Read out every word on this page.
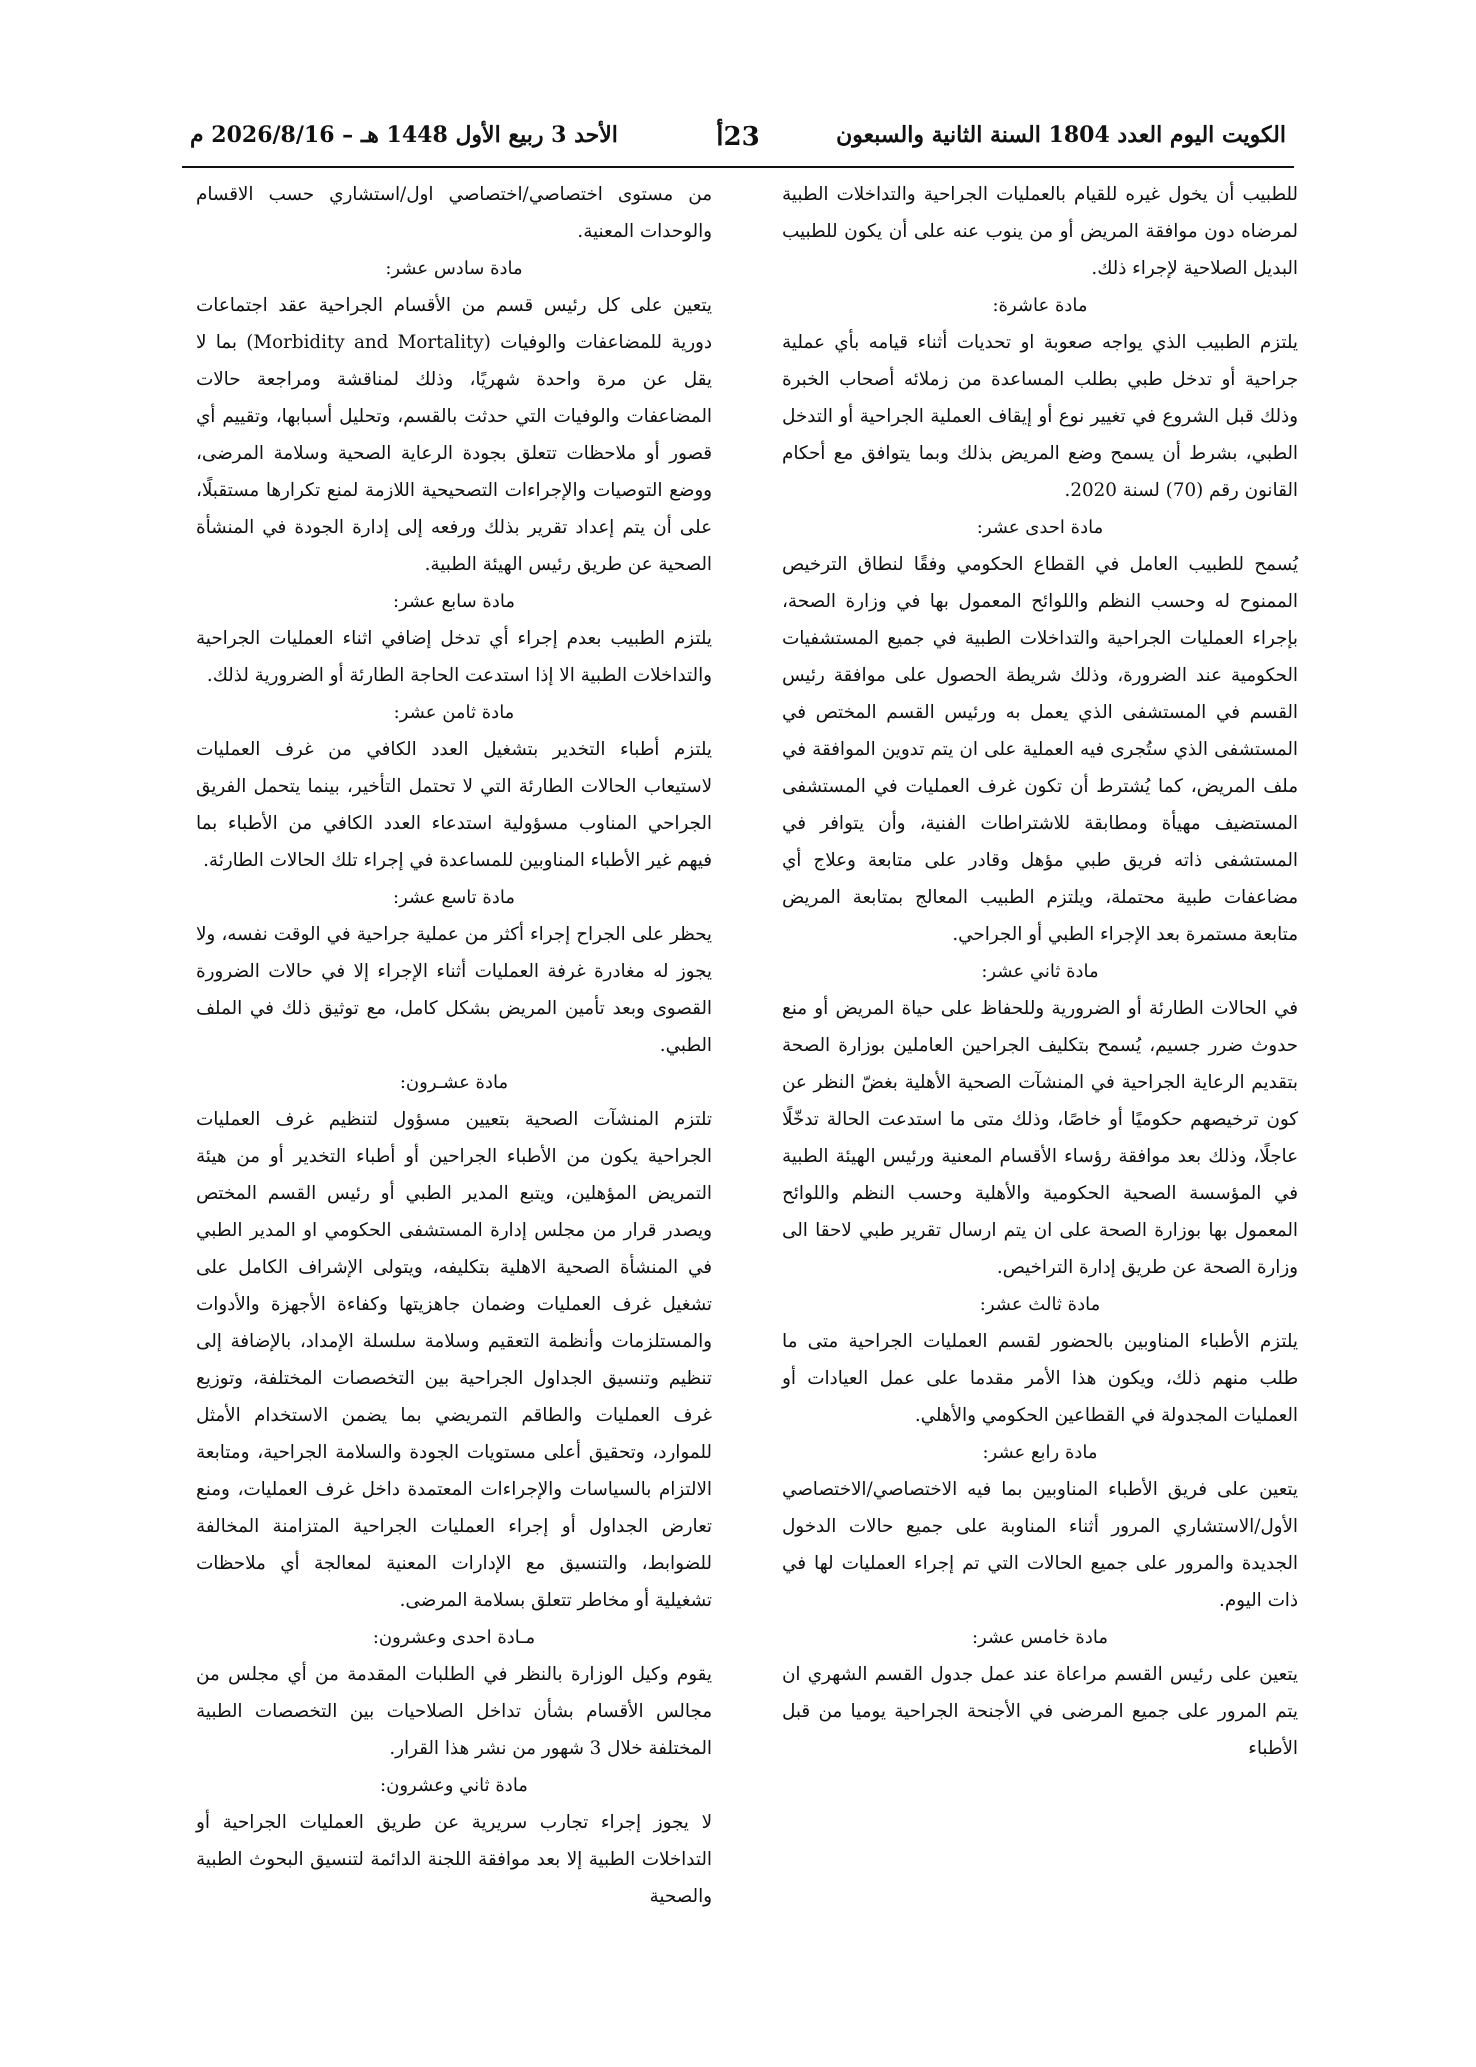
الكويت اليوم العدد 1804 السنة الثانية والسبعون
23أ
الأحد 3 ربيع الأول 1448 هـ – 2026/8/16 م

للطبيب أن يخول غيره للقيام بالعمليات الجراحية والتداخلات الطبية لمرضاه دون موافقة المريض أو من ينوب عنه على أن يكون للطبيب البديل الصلاحية لإجراء ذلك.

مادة عاشرة:

يلتزم الطبيب الذي يواجه صعوبة او تحديات أثناء قيامه بأي عملية جراحية أو تدخل طبي بطلب المساعدة من زملائه أصحاب الخبرة وذلك قبل الشروع في تغيير نوع أو إيقاف العملية الجراحية أو التدخل الطبي، بشرط أن يسمح وضع المريض بذلك وبما يتوافق مع أحكام القانون رقم (70) لسنة 2020.

مادة احدى عشر:

يُسمح للطبيب العامل في القطاع الحكومي وفقًا لنطاق الترخيص الممنوح له وحسب النظم واللوائح المعمول بها في وزارة الصحة، بإجراء العمليات الجراحية والتداخلات الطبية في جميع المستشفيات الحكومية عند الضرورة، وذلك شريطة الحصول على موافقة رئيس القسم في المستشفى الذي يعمل به ورئيس القسم المختص في المستشفى الذي ستُجرى فيه العملية على ان يتم تدوين الموافقة في ملف المريض، كما يُشترط أن تكون غرف العمليات في المستشفى المستضيف مهيأة ومطابقة للاشتراطات الفنية، وأن يتوافر في المستشفى ذاته فريق طبي مؤهل وقادر على متابعة وعلاج أي مضاعفات طبية محتملة، ويلتزم الطبيب المعالج بمتابعة المريض متابعة مستمرة بعد الإجراء الطبي أو الجراحي.

مادة ثاني عشر:

في الحالات الطارئة أو الضرورية وللحفاظ على حياة المريض أو منع حدوث ضرر جسيم، يُسمح بتكليف الجراحين العاملين بوزارة الصحة بتقديم الرعاية الجراحية في المنشآت الصحية الأهلية بغضّ النظر عن كون ترخيصهم حكوميًا أو خاصًا، وذلك متى ما استدعت الحالة تدخّلًا عاجلًا، وذلك بعد موافقة رؤساء الأقسام المعنية ورئيس الهيئة الطبية في المؤسسة الصحية الحكومية والأهلية وحسب النظم واللوائح المعمول بها بوزارة الصحة على ان يتم ارسال تقرير طبي لاحقا الى وزارة الصحة عن طريق إدارة التراخيص.

مادة ثالث عشر:

يلتزم الأطباء المناوبين بالحضور لقسم العمليات الجراحية متى ما طلب منهم ذلك، ويكون هذا الأمر مقدما على عمل العيادات أو العمليات المجدولة في القطاعين الحكومي والأهلي.

مادة رابع عشر:

يتعين على فريق الأطباء المناوبين بما فيه الاختصاصي/الاختصاصي الأول/الاستشاري المرور أثناء المناوبة على جميع حالات الدخول الجديدة والمرور على جميع الحالات التي تم إجراء العمليات لها في ذات اليوم.

مادة خامس عشر:

يتعين على رئيس القسم مراعاة عند عمل جدول القسم الشهري ان يتم المرور على جميع المرضى في الأجنحة الجراحية يوميا من قبل الأطباء

من مستوى اختصاصي/اختصاصي اول/استشاري حسب الاقسام والوحدات المعنية.

مادة سادس عشر:

يتعين على كل رئيس قسم من الأقسام الجراحية عقد اجتماعات دورية للمضاعفات والوفيات (Morbidity and Mortality) بما لا يقل عن مرة واحدة شهريًا، وذلك لمناقشة ومراجعة حالات المضاعفات والوفيات التي حدثت بالقسم، وتحليل أسبابها، وتقييم أي قصور أو ملاحظات تتعلق بجودة الرعاية الصحية وسلامة المرضى، ووضع التوصيات والإجراءات التصحيحية اللازمة لمنع تكرارها مستقبلًا، على أن يتم إعداد تقرير بذلك ورفعه إلى إدارة الجودة في المنشأة الصحية عن طريق رئيس الهيئة الطبية.

مادة سابع عشر:

يلتزم الطبيب بعدم إجراء أي تدخل إضافي اثناء العمليات الجراحية والتداخلات الطبية الا إذا استدعت الحاجة الطارئة أو الضرورية لذلك.

مادة ثامن عشر:

يلتزم أطباء التخدير بتشغيل العدد الكافي من غرف العمليات لاستيعاب الحالات الطارئة التي لا تحتمل التأخير، بينما يتحمل الفريق الجراحي المناوب مسؤولية استدعاء العدد الكافي من الأطباء بما فيهم غير الأطباء المناوبين للمساعدة في إجراء تلك الحالات الطارئة.

مادة تاسع عشر:

يحظر على الجراح إجراء أكثر من عملية جراحية في الوقت نفسه، ولا يجوز له مغادرة غرفة العمليات أثناء الإجراء إلا في حالات الضرورة القصوى وبعد تأمين المريض بشكل كامل، مع توثيق ذلك في الملف الطبي.

مادة عشـرون:

تلتزم المنشآت الصحية بتعيين مسؤول لتنظيم غرف العمليات الجراحية يكون من الأطباء الجراحين أو أطباء التخدير أو من هيئة التمريض المؤهلين، ويتبع المدير الطبي أو رئيس القسم المختص ويصدر قرار من مجلس إدارة المستشفى الحكومي او المدير الطبي في المنشأة الصحية الاهلية بتكليفه، ويتولى الإشراف الكامل على تشغيل غرف العمليات وضمان جاهزيتها وكفاءة الأجهزة والأدوات والمستلزمات وأنظمة التعقيم وسلامة سلسلة الإمداد، بالإضافة إلى تنظيم وتنسيق الجداول الجراحية بين التخصصات المختلفة، وتوزيع غرف العمليات والطاقم التمريضي بما يضمن الاستخدام الأمثل للموارد، وتحقيق أعلى مستويات الجودة والسلامة الجراحية، ومتابعة الالتزام بالسياسات والإجراءات المعتمدة داخل غرف العمليات، ومنع تعارض الجداول أو إجراء العمليات الجراحية المتزامنة المخالفة للضوابط، والتنسيق مع الإدارات المعنية لمعالجة أي ملاحظات تشغيلية أو مخاطر تتعلق بسلامة المرضى.

مـادة احدى وعشرون:

يقوم وكيل الوزارة بالنظر في الطلبات المقدمة من أي مجلس من مجالس الأقسام بشأن تداخل الصلاحيات بين التخصصات الطبية المختلفة خلال 3 شهور من نشر هذا القرار.

مادة ثاني وعشرون:

لا يجوز إجراء تجارب سريرية عن طريق العمليات الجراحية أو التداخلات الطبية إلا بعد موافقة اللجنة الدائمة لتنسيق البحوث الطبية والصحية
